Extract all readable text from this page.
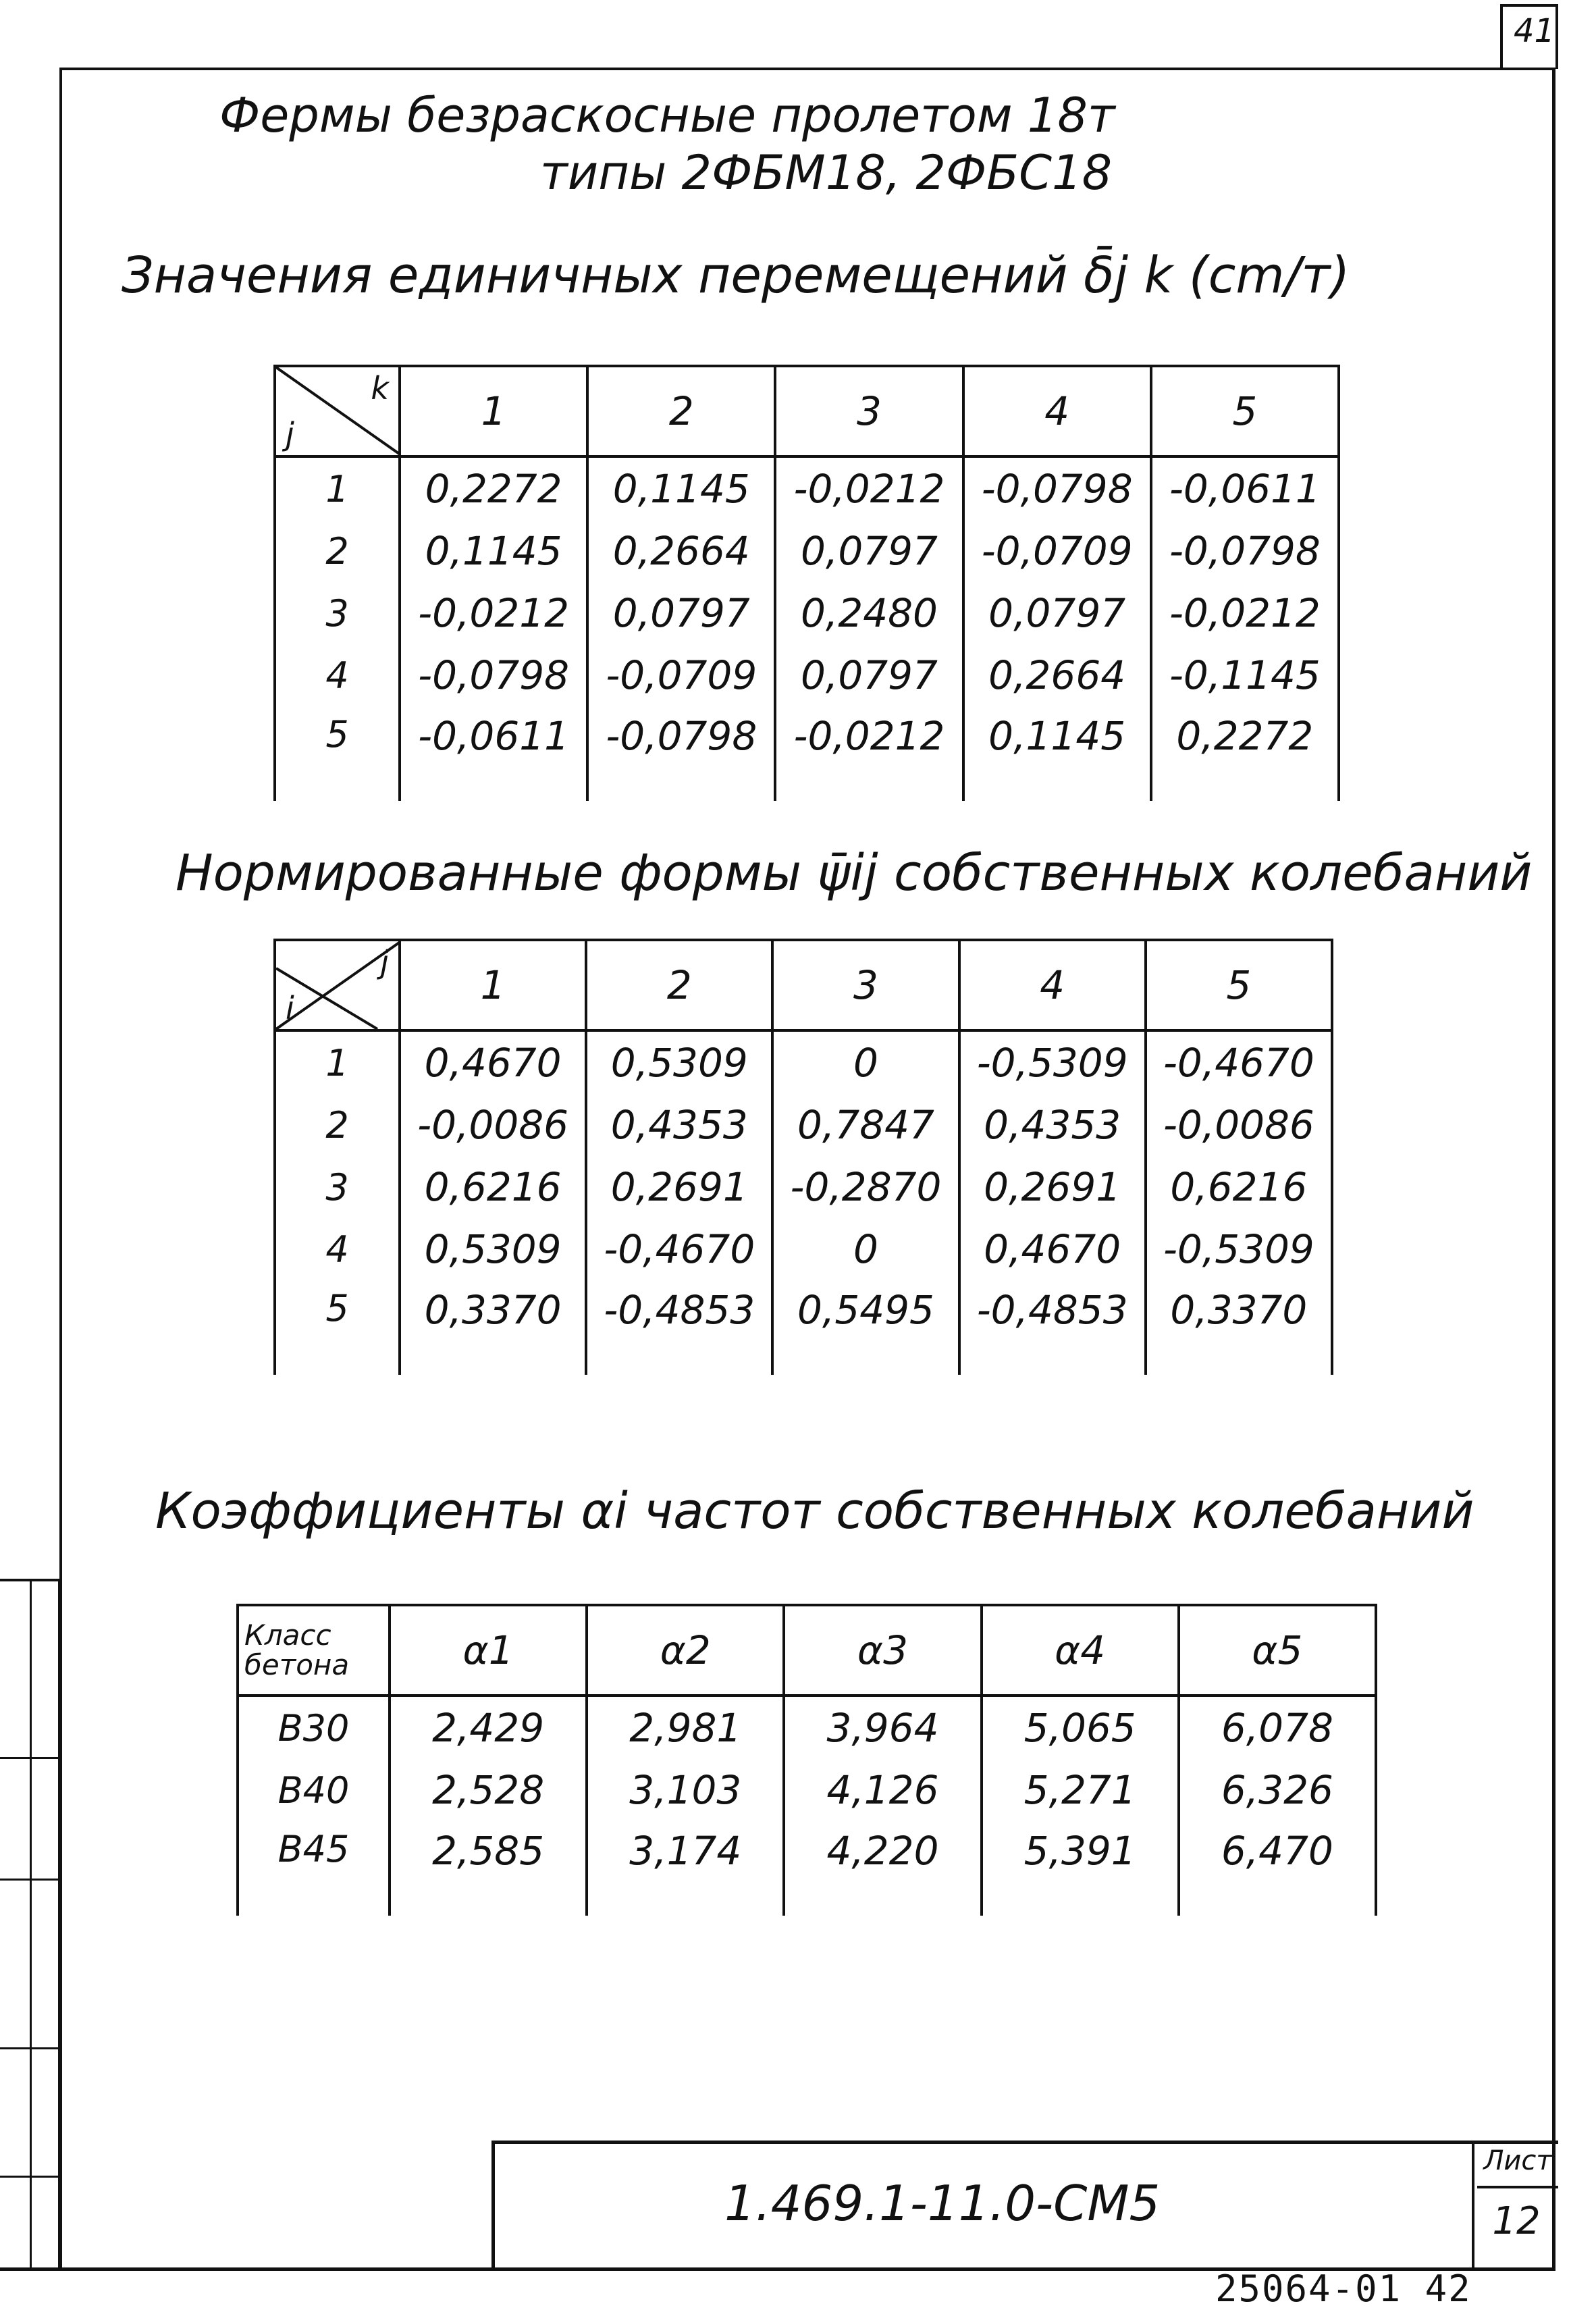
41
Фермы безраскосные пролетом 18т
типы 2ФБМ18, 2ФБС18
Значения единичных перемещений δ̄j k (cm/т)
k
j	1	2	3	4	5
1	0,2272	0,1145	-0,0212	-0,0798	-0,0611
2	0,1145	0,2664	0,0797	-0,0709	-0,0798
3	-0,0212	0,0797	0,2480	0,0797	-0,0212
4	-0,0798	-0,0709	0,0797	0,2664	-0,1145
5	-0,0611	-0,0798	-0,0212	0,1145	0,2272
Нормированные формы ψ̄ij собственных колебаний
j
i	1	2	3	4	5
1	0,4670	0,5309	0	-0,5309	-0,4670
2	-0,0086	0,4353	0,7847	0,4353	-0,0086
3	0,6216	0,2691	-0,2870	0,2691	0,6216
4	0,5309	-0,4670	0	0,4670	-0,5309
5	0,3370	-0,4853	0,5495	-0,4853	0,3370
Коэффициенты αi частот собственных колебаний
Класс
бетона	α1	α2	α3	α4	α5
B30	2,429	2,981	3,964	5,065	6,078
B40	2,528	3,103	4,126	5,271	6,326
B45	2,585	3,174	4,220	5,391	6,470
1.469.1-11.0-CM5
Лист
12
25064-01 42
